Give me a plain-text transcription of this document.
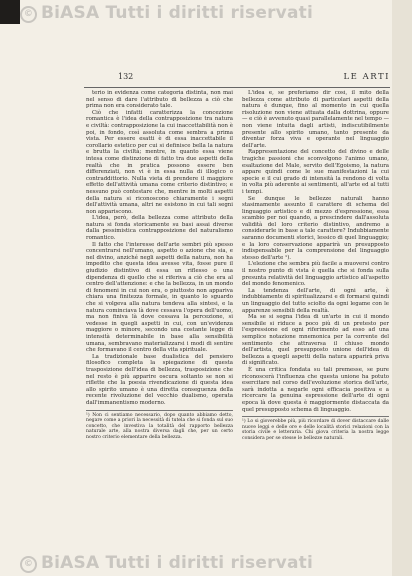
© BiASA Tutti i diritti riservati
132	LE ARTI

terio in evidenza come categoria distinta, non mai nel senso di dare l'attributo di bellezza a ciò che prima non era considerato tale.

Ciò che infatti caratterizza la concezione romantica è l'idea della contrapposizione tra natura e civiltà: contrapposizione la cui inaccettabilità non è poi, in fondo, così assoluta come sembra a prima vista. Per essere esatti è di essa inaccettabile il corollario estetico per cui si definisce bella la natura e brutta la civiltà; mentre, in quanto essa viene intesa come distinzione di fatto tra due aspetti della realtà che in pratica possono essere ben differenziati, non vi è in essa nulla di illogico o contraddittorio. Nulla vieta di prendere il maggiore effetto dell'attività umana come criterio distintivo; e nessuno può contestare che, mentre in molti aspetti della natura si riconoscono chiaramente i segni dell'attività umana, altri ne esistono in cui tali segni non appariscono.

L'idea, però, della bellezza come attributo della natura si fonda storicamente su basi assai diverse dalla pessimistica contrapposizione del naturalismo romantico.

Il fatto che l'interesse dell'arte sembri più spesso concentrarsi nell'umano, aspetto o azione che sia, e nel divino, anziché negli aspetti della natura, non ha impedito che questa idea avesse vita, fosse pure il giudizio distintivo di essa un riflesso o una dipendenza di quello che si riferiva a ciò che era al centro dell'attenzione: e che la bellezza, in un mondo di fenomeni in cui non era, o piuttosto non appariva chiara una finitezza formale, in quanto lo sguardo che si volgeva alla natura tendeva alla sintesi, e la natura cominciava là dove cessava l'opera dell'uomo, ma non finiva là dove cessava la percezione, si vedesse in quegli aspetti in cui, con un'evidenza maggiore o minore, secondo una costante legge di intensità determinabile in base alla sensibilità umana, sembravano materializzarsi i modi di sentire che formavano il centro della vita spirituale.

La tradizionale base dualistica del pensiero filosofico completa la spiegazione di questa trasposizione dell'idea di bellezza, trasposizione che nel resto è più apparire oscura soltanto se non si riflette che la poesia rivendicazione di questa idea allo spirito umano è una diretta conseguenza della recente rivoluzione del vecchio dualismo, operata dall'immanentismo moderno.

¹) Non ci sentiamo necessario, dopo quanto abbiamo detto, negare come a priori la necessità di tutela che si fonda sul suo concetto, che investiva la totalità del rapporto bellezza naturale arte, alla nostra diversa dagli che, per un certo nostro criterio elementare della bellezza.

L'idea e, se preferiamo dir così, il mito della bellezza come attributo di particolari aspetti della natura è dunque, fino al momento in cui quella risoluzione non viene attuata dalla dottrina, oppure — e ciò è avvenuto quasi parallelamente nel tempo — non viene intuita dagli artisti, indiscutibilmente presente allo spirito umano, tanto presente da diventar forza viva e operante nel linguaggio dell'arte.

Rappresentazione del concetto del divino e delle tragiche passioni che sconvolgono l'animo umano, esaltazione del Male, servito dell'Egoismo, la natura appare quindi come le sue manifestazioni la cui specie e il cui grado di intensità la rendono di volta in volta più aderente ai sentimenti, all'arte ed al tutti i tempi.

Se dunque le bellezze naturali hanno stasimamente assunto il carattere di schema del linguaggio artistico e di mezzo d'espressione, essa scambio per noi quando, a prescindere dall'assoluta validità del loro criterio distintivo, andremo a considerarle in base a tale carattere? Indubbiamente saranno documenti storici, lessico di quel linguaggio; e la loro conservazione apparirà un presupposto indispensabile per la comprensione del linguaggio stesso dell'arte ¹).

L'elezione che sembra più facile a muoversi contro il nostro punto di vista è quella che si fonda sulla presunta relatività del linguaggio artistico all'aspetto del mondo fenomenico.

La tendenza dell'arte, di ogni arte, è indubbiamente di spiritualizzarsi e di formarsi quindi un linguaggio del tutto sciolto da ogni legame con le apparenze sensibili della realtà.

Ma se si segna l'idea di un'arte in cui il mondo sensibile si riduce a poco più di un pretesto per l'espressione ed ogni riferimento ad esso ad una semplice notazione mnemonica per la corrente del sentimento che attraversa il chiuso mondo dell'artista, quel presupposto unione dell'idea di bellezza a quegli aspetti della natura apparirà priva di significato.

È una critica fondata su tali premesse, se pure riconoscerà l'influenza che questa unione ha potuto esercitare nel corso dell'evoluzione storica dell'arte, sarà indotta a negarle ogni efficacia positiva e a ricercare la genuina espressione dell'arte di ogni epoca là dove questa è maggiormente distaccata da quel presupposto schema di linguaggio.

¹) Lo si gioverebbe più, più ricordare di dover distaccare dalle nuove leggi e delle ore e delle località storici relazioni con la storia civile e letteraria. Chi giova criteria la nostra legge considera per se stesse le bellezze naturali.

© BiASA Tutti i diritti riservati
